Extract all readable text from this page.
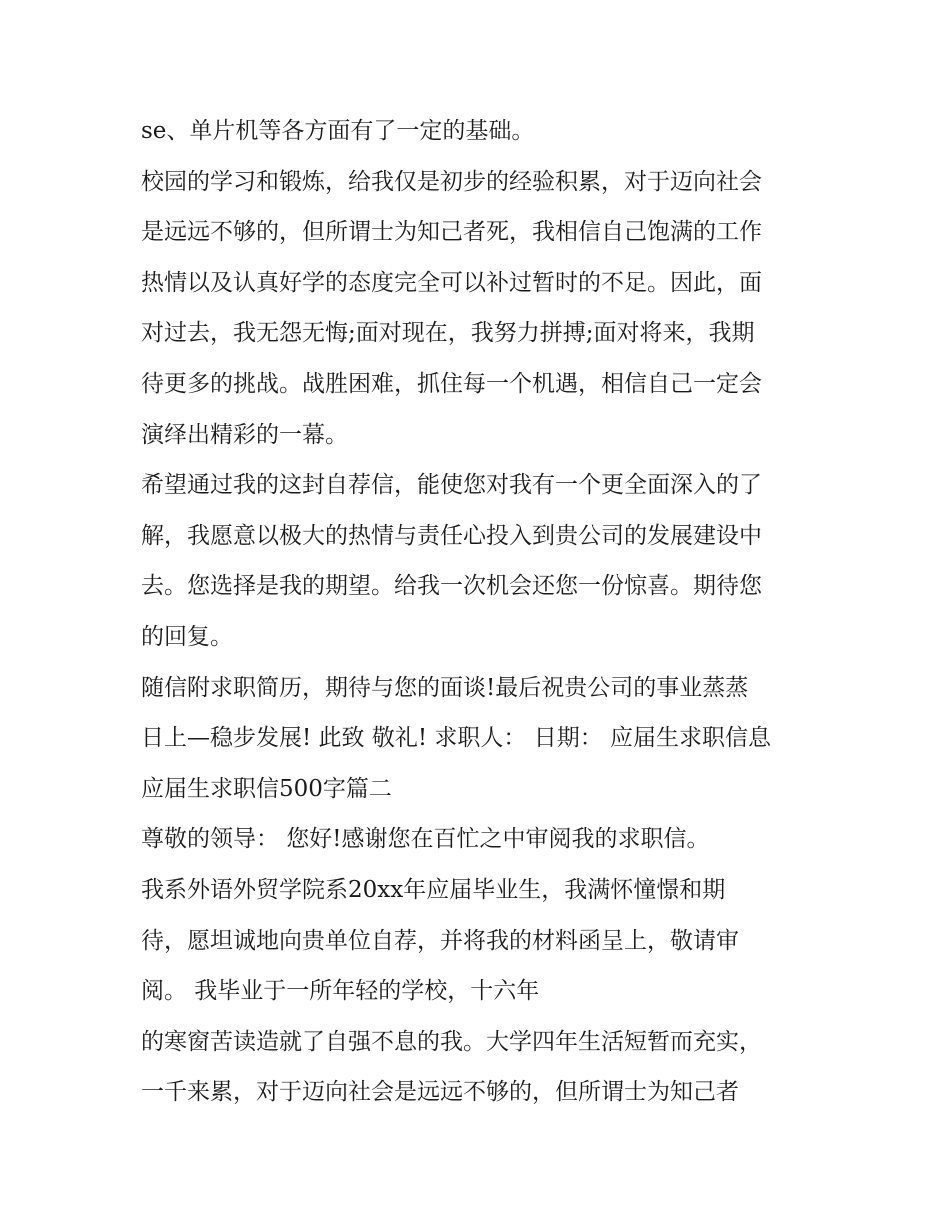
se、单片机等各方面有了一定的基础。
校园的学习和锻炼，给我仅是初步的经验积累，对于迈向社会
是远远不够的，但所谓士为知己者死，我相信自己饱满的工作
热情以及认真好学的态度完全可以补过暂时的不足。因此，面
对过去，我无怨无悔;面对现在，我努力拼搏;面对将来，我期
待更多的挑战。战胜困难，抓住每一个机遇，相信自己一定会
演绎出精彩的一幕。
希望通过我的这封自荐信，能使您对我有一个更全面深入的了
解，我愿意以极大的热情与责任心投入到贵公司的发展建设中
去。您选择是我的期望。给我一次机会还您一份惊喜。期待您
的回复。
随信附求职简历，期待与您的面谈!最后祝贵公司的事业蒸蒸
日上—稳步发展! 此致 敬礼! 求职人： 日期： 应届生求职信息
应届生求职信500字篇二
尊敬的领导： 您好!感谢您在百忙之中审阅我的求职信。
我系外语外贸学院系20xx年应届毕业生，我满怀憧憬和期
待，愿坦诚地向贵单位自荐，并将我的材料函呈上，敬请审
阅。 我毕业于一所年轻的学校，十六年
的寒窗苦读造就了自强不息的我。大学四年生活短暂而充实，
一千来累，对于迈向社会是远远不够的，但所谓士为知己者
